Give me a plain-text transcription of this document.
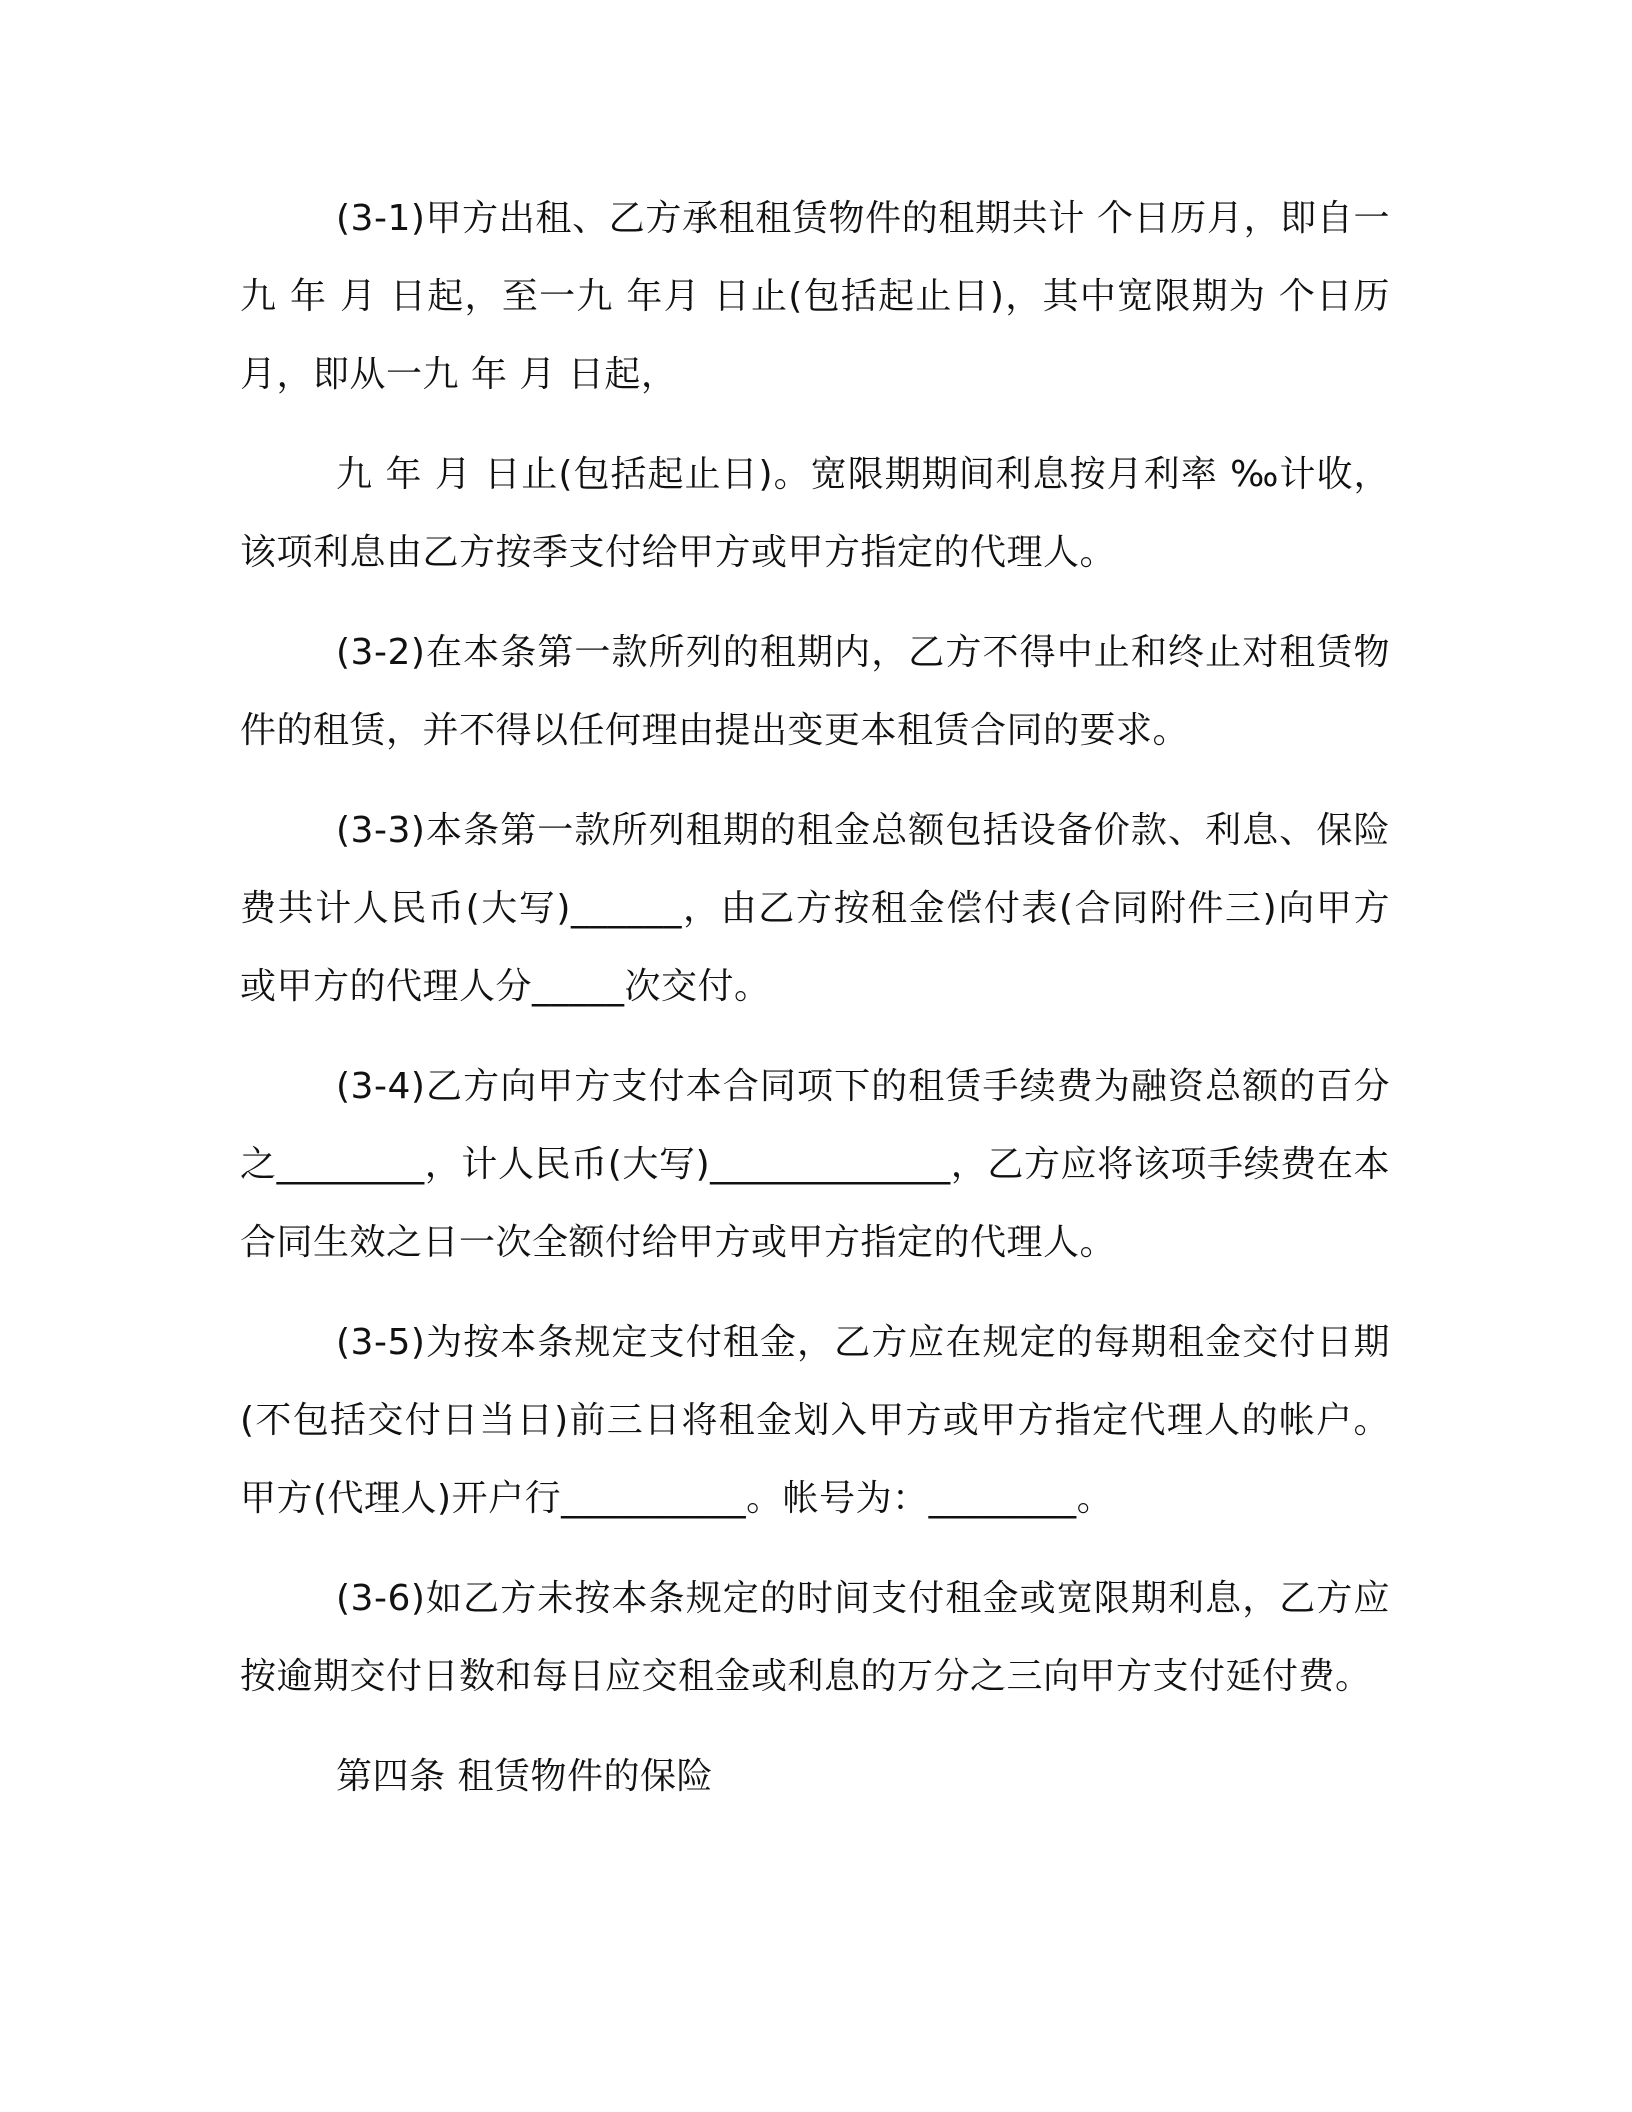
(3-1)甲方出租、乙方承租租赁物件的租期共计 个日历月，即自一九 年 月 日起，至一九 年月 日止(包括起止日)，其中宽限期为 个日历月，即从一九 年 月 日起，

九 年 月 日止(包括起止日)。宽限期期间利息按月利率 ‰计收，该项利息由乙方按季支付给甲方或甲方指定的代理人。

(3-2)在本条第一款所列的租期内，乙方不得中止和终止对租赁物件的租赁，并不得以任何理由提出变更本租赁合同的要求。

(3-3)本条第一款所列租期的租金总额包括设备价款、利息、保险费共计人民币(大写)______，由乙方按租金偿付表(合同附件三)向甲方或甲方的代理人分_____次交付。

(3-4)乙方向甲方支付本合同项下的租赁手续费为融资总额的百分之________，计人民币(大写)_____________，乙方应将该项手续费在本合同生效之日一次全额付给甲方或甲方指定的代理人。

(3-5)为按本条规定支付租金，乙方应在规定的每期租金交付日期(不包括交付日当日)前三日将租金划入甲方或甲方指定代理人的帐户。甲方(代理人)开户行__________。帐号为：________。

(3-6)如乙方未按本条规定的时间支付租金或宽限期利息，乙方应按逾期交付日数和每日应交租金或利息的万分之三向甲方支付延付费。

第四条 租赁物件的保险
